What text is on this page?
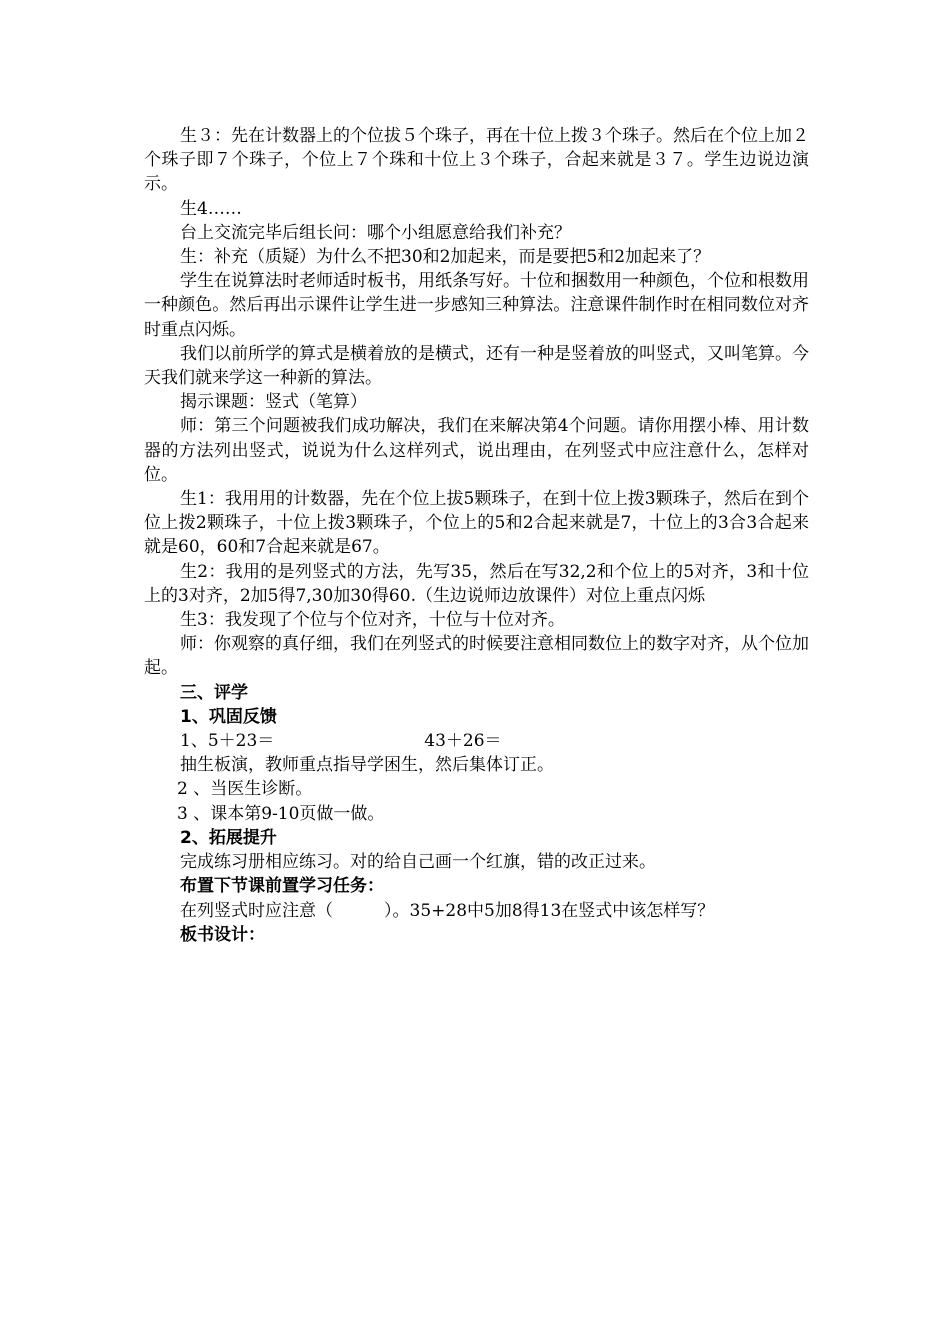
生３：先在计数器上的个位拔５个珠子，再在十位上拨３个珠子。然后在个位上加２个珠子即７个珠子，个位上７个珠和十位上３个珠子，合起来就是３７。学生边说边演示。

生4……

台上交流完毕后组长问：哪个小组愿意给我们补充？

生：补充（质疑）为什么不把30和2加起来，而是要把5和2加起来了？

学生在说算法时老师适时板书，用纸条写好。十位和捆数用一种颜色，个位和根数用一种颜色。然后再出示课件让学生进一步感知三种算法。注意课件制作时在相同数位对齐时重点闪烁。

我们以前所学的算式是横着放的是横式，还有一种是竖着放的叫竖式，又叫笔算。今天我们就来学这一种新的算法。

揭示课题：竖式（笔算）

师：第三个问题被我们成功解决，我们在来解决第4个问题。请你用摆小棒、用计数器的方法列出竖式，说说为什么这样列式，说出理由，在列竖式中应注意什么，怎样对位。

生1：我用用的计数器，先在个位上拔5颗珠子，在到十位上拨3颗珠子，然后在到个位上拨2颗珠子，十位上拨3颗珠子，个位上的5和2合起来就是7，十位上的3合3合起来就是60，60和7合起来就是67。

生2：我用的是列竖式的方法，先写35，然后在写32,2和个位上的5对齐，3和十位上的3对齐，2加5得7,30加30得60.（生边说师边放课件）对位上重点闪烁

生3：我发现了个位与个位对齐，十位与十位对齐。

师：你观察的真仔细，我们在列竖式的时候要注意相同数位上的数字对齐，从个位加起。

三、评学

1、巩固反馈

1、5＋23＝	43＋26＝

抽生板演，教师重点指导学困生，然后集体订正。

2 、当医生诊断。

3 、课本第9-10页做一做。

2、拓展提升

完成练习册相应练习。对的给自己画一个红旗，错的改正过来。

布置下节课前置学习任务：

在列竖式时应注意（　　　）。35+28中5加8得13在竖式中该怎样写？

板书设计：
